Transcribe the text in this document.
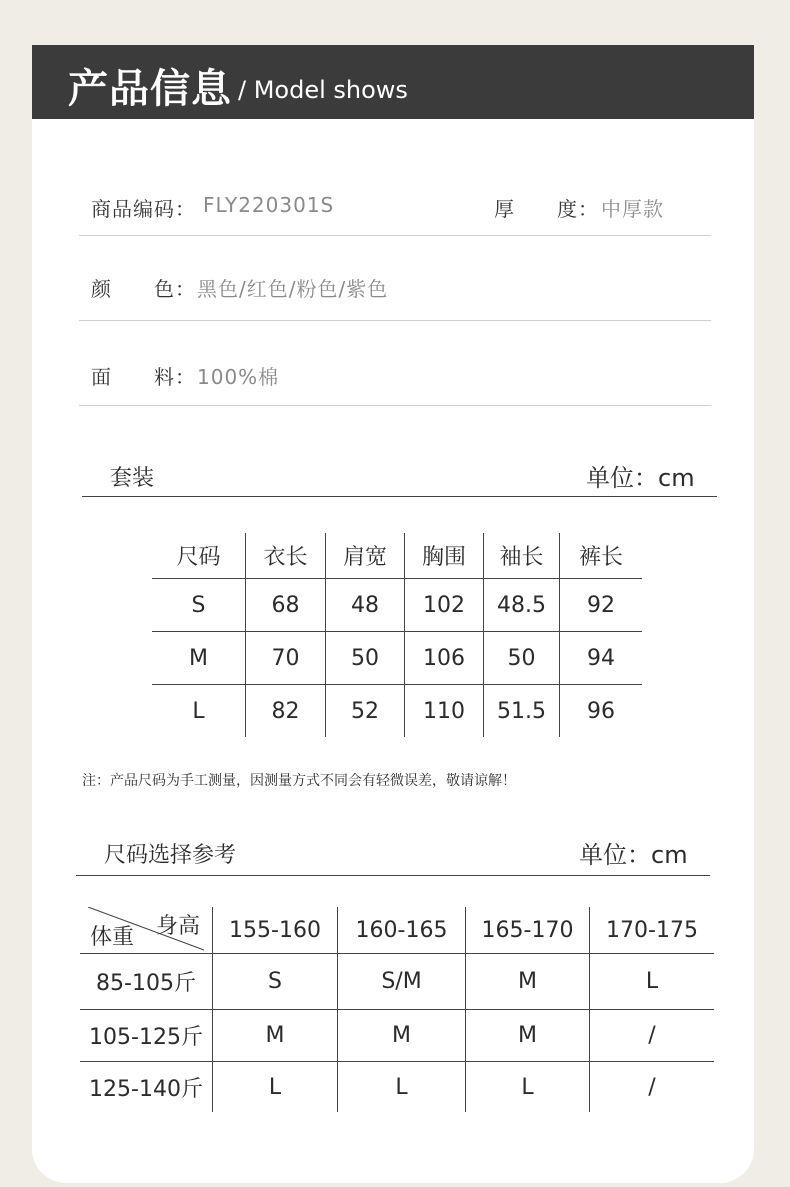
产品信息 / Model shows
商品编码： FLY220301S	厚　　度： 中厚款
颜　　色： 黑色/红色/粉色/紫色
面　　料： 100%棉
套装	单位：cm
尺码	衣长	肩宽	胸围	袖长	裤长
S	68	48	102	48.5	92
M	70	50	106	50	94
L	82	52	110	51.5	96
注：产品尺码为手工测量，因测量方式不同会有轻微误差，敬请谅解！
尺码选择参考	单位：cm
身高
体重	155-160	160-165	165-170	170-175
85-105斤	S	S/M	M	L
105-125斤	M	M	M	/
125-140斤	L	L	L	/
